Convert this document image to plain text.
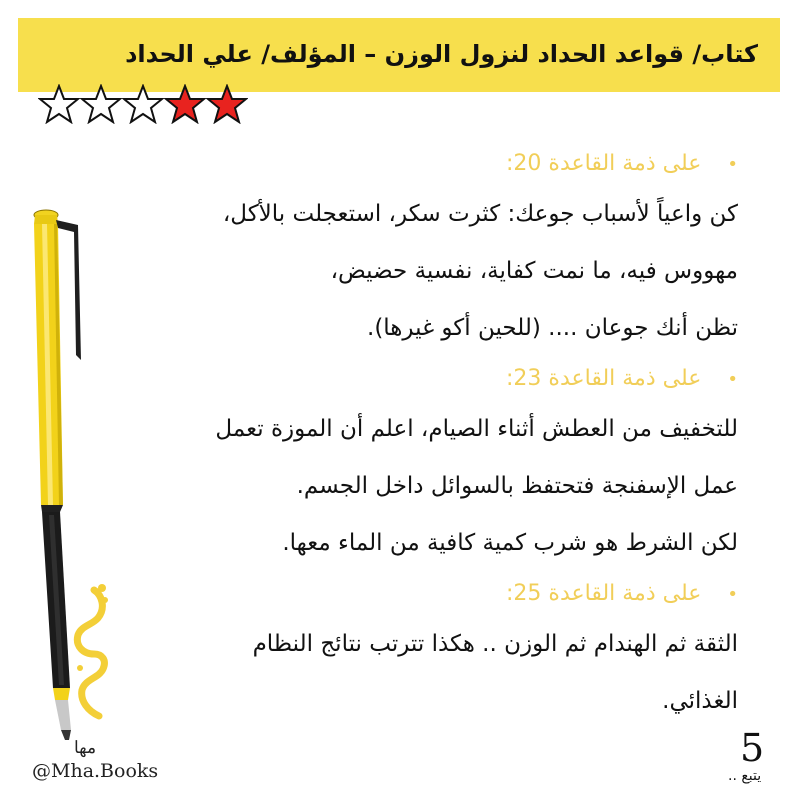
كتاب/ قواعد الحداد لنزول الوزن – المؤلف/ علي الحداد
•على ذمة القاعدة 20:
كن واعياً لأسباب جوعك: كثرت سكر، استعجلت بالأكل،
مهووس فيه، ما نمت كفاية، نفسية حضيض،
تظن أنك جوعان .... (للحين أكو غيرها).
•على ذمة القاعدة 23:
للتخفيف من العطش أثناء الصيام، اعلم أن الموزة تعمل
عمل الإسفنجة فتحتفظ بالسوائل داخل الجسم.
لكن الشرط هو شرب كمية كافية من الماء معها.
•على ذمة القاعدة 25:
الثقة ثم الهندام ثم الوزن .. هكذا تترتب نتائج النظام
الغذائي.
مها
@Mha.Books
5
يتبع ..
